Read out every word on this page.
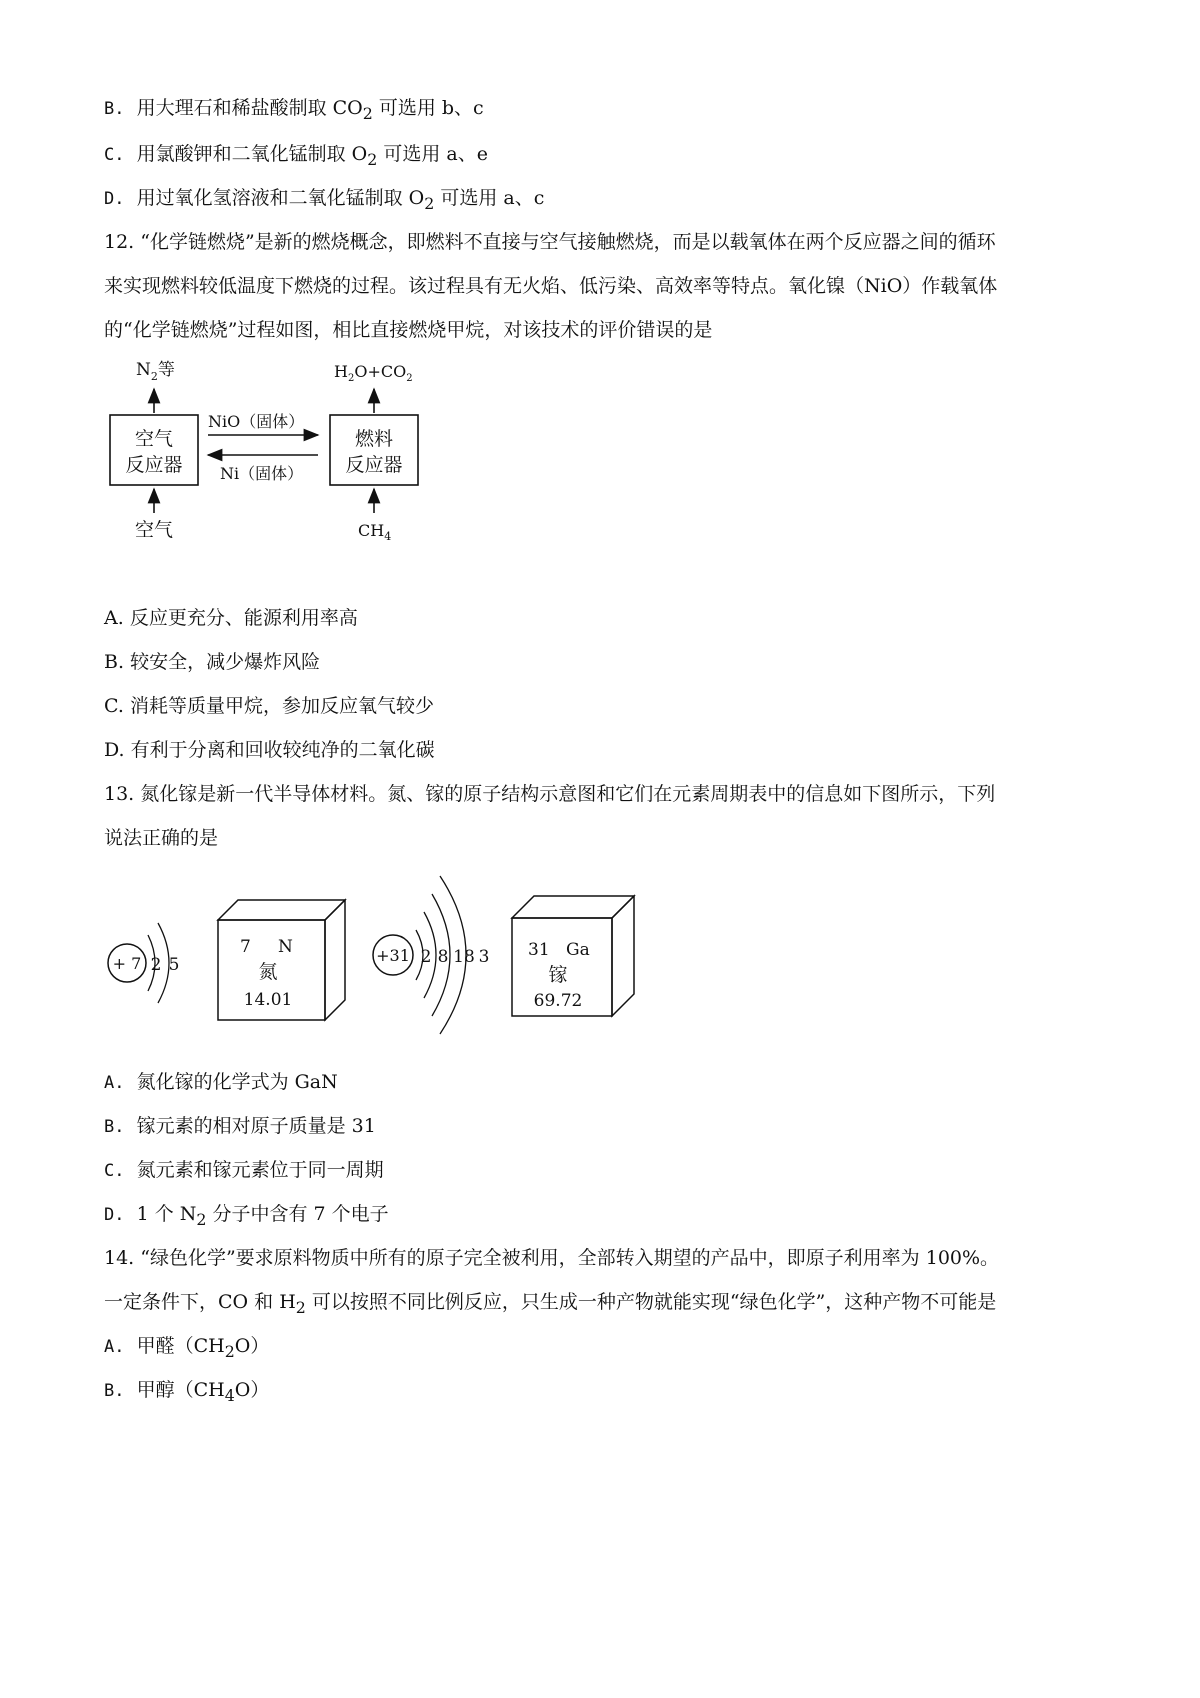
B. 用大理石和稀盐酸制取 $CO_2$ 可选用 b、c
C. 用氯酸钾和二氧化锰制取 $O_2$ 可选用 a、e
D. 用过氧化氢溶液和二氧化锰制取 $O_2$ 可选用 a、c
12. “化学链燃烧”是新的燃烧概念，即燃料不直接与空气接触燃烧，而是以载氧体在两个反应器之间的循环
来实现燃料较低温度下燃烧的过程。该过程具有无火焰、低污染、高效率等特点。氧化镍（NiO）作载氧体
的“化学链燃烧”过程如图，相比直接燃烧甲烷，对该技术的评价错误的是
空气
反应器
$N_2$等
空气
NiO（固体）
Ni（固体）
燃料
反应器
$H_2O+CO_2$
$CH_4$
A. 反应更充分、能源利用率高
B. 较安全，减少爆炸风险
C. 消耗等质量甲烷，参加反应氧气较少
D. 有利于分离和回收较纯净的二氧化碳
13. 氮化镓是新一代半导体材料。氮、镓的原子结构示意图和它们在元素周期表中的信息如下图所示，下列
说法正确的是
+ 7 2 5
7 N
氮
14.01
+31 2 8 18 3 31 Ga
镓
69.72
A. 氮化镓的化学式为 GaN
B. 镓元素的相对原子质量是 31
C. 氮元素和镓元素位于同一周期
D. 1 个 $N_2$ 分子中含有 7 个电子
14. “绿色化学”要求原料物质中所有的原子完全被利用，全部转入期望的产品中，即原子利用率为 100%。
一定条件下，CO 和 $H_2$ 可以按照不同比例反应，只生成一种产物就能实现“绿色化学”，这种产物不可能是
A. 甲醛$(CH_2O)$
B. 甲醇$(CH_4O)$
